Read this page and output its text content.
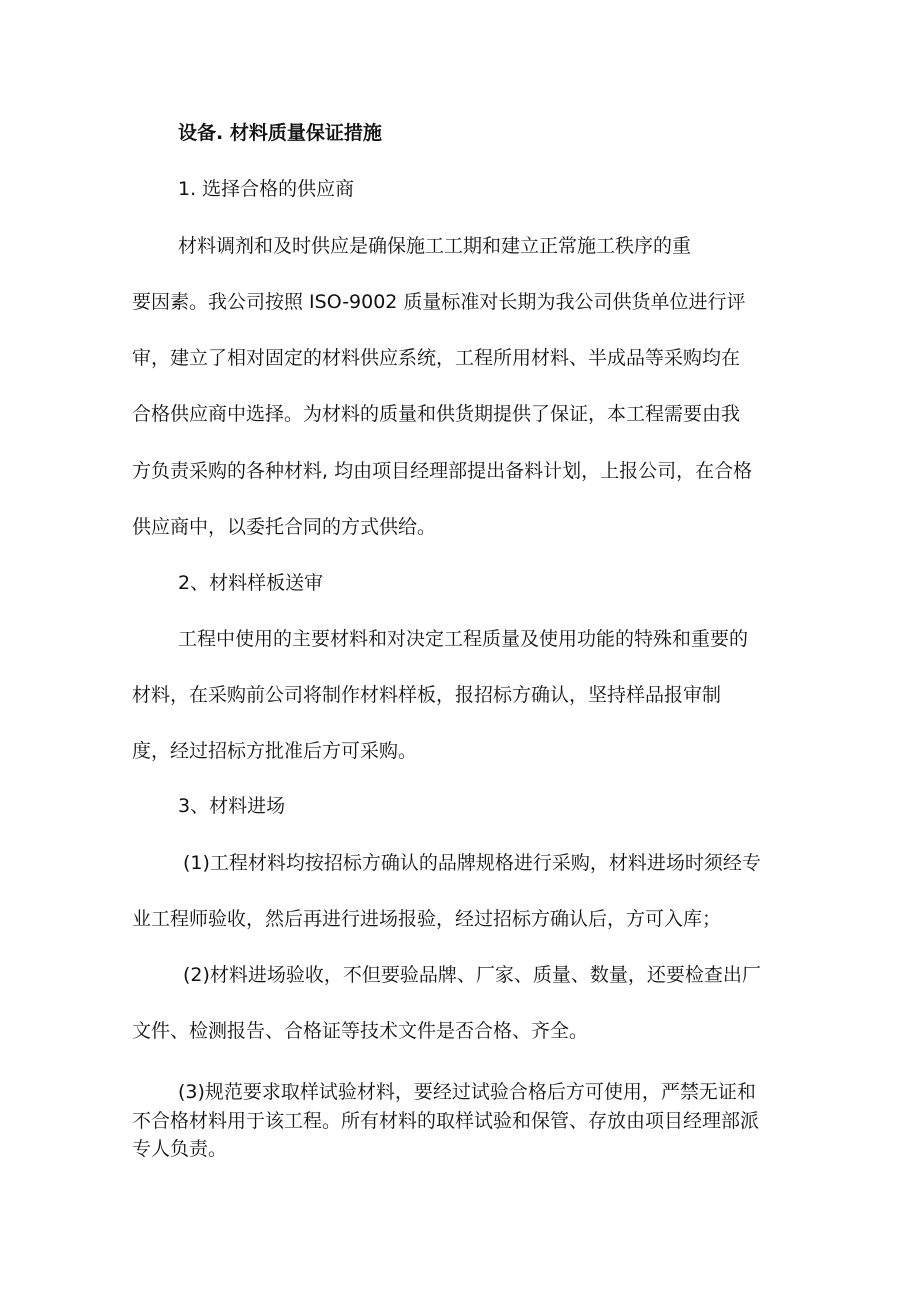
设备. 材料质量保证措施
1. 选择合格的供应商
材料调剂和及时供应是确保施工工期和建立正常施工秩序的重
要因素。我公司按照 ISO-9002 质量标准对长期为我公司供货单位进行评
审，建立了相对固定的材料供应系统，工程所用材料、半成品等采购均在
合格供应商中选择。为材料的质量和供货期提供了保证，本工程需要由我
方负责采购的各种材料, 均由项目经理部提出备料计划，上报公司，在合格
供应商中，以委托合同的方式供给。
2、材料样板送审
工程中使用的主要材料和对决定工程质量及使用功能的特殊和重要的
材料，在采购前公司将制作材料样板，报招标方确认，坚持样品报审制
度，经过招标方批准后方可采购。
3、材料进场
(1)工程材料均按招标方确认的品牌规格进行采购，材料进场时须经专
业工程师验收，然后再进行进场报验，经过招标方确认后，方可入库；
(2)材料进场验收，不但要验品牌、厂家、质量、数量，还要检查出厂
文件、检测报告、合格证等技术文件是否合格、齐全。
(3)规范要求取样试验材料，要经过试验合格后方可使用，严禁无证和
不合格材料用于该工程。所有材料的取样试验和保管、存放由项目经理部派
专人负责。
